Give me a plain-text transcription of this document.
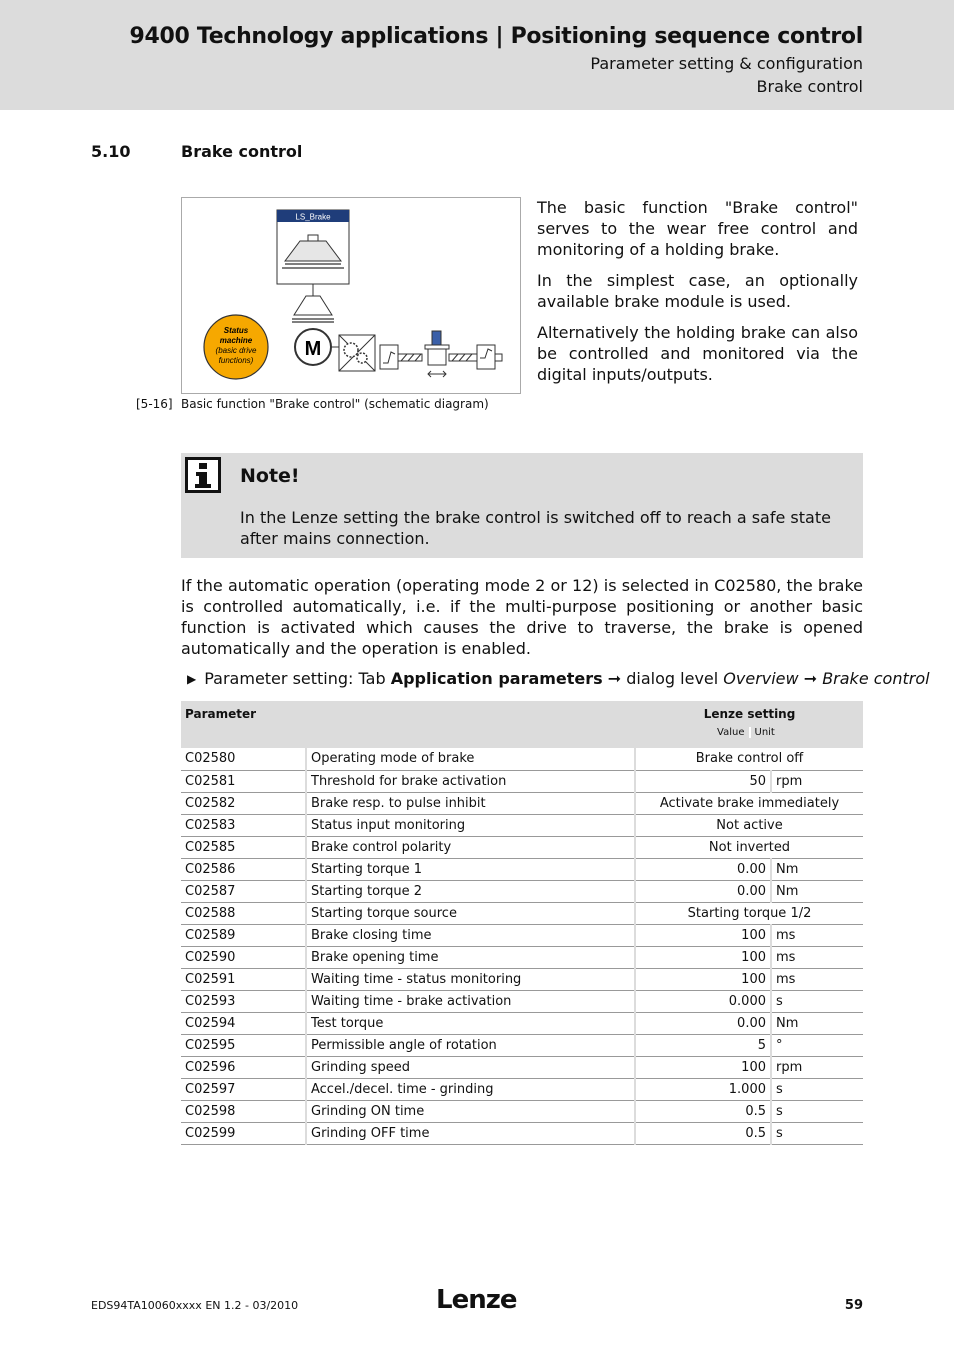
9400 Technology applications | Positioning sequence control
Parameter setting & configuration
Brake control
5.10	Brake control
LS_Brake
Status
machine
(basic drive
functions)
M
[5-16] Basic function "Brake control" (schematic diagram)

The basic function "Brake control" serves to the wear free control and monitoring of a holding brake.

In the simplest case, an optionally available brake module is used.

Alternatively the holding brake can also be controlled and monitored via the digital inputs/outputs.

Note!
In the Lenze setting the brake control is switched off to reach a safe state after mains connection.
If the automatic operation (operating mode 2 or 12) is selected in C02580, the brake is controlled automatically, i.e. if the multi-purpose positioning or another basic function is activated which causes the drive to traverse, the brake is opened automatically and the operation is enabled.
▶ Parameter setting: Tab Application parameters ➞ dialog level Overview ➞ Brake control
Parameter		Lenze setting
Value Unit	

C02580	Operating mode of brake	Brake control off	
C02581	Threshold for brake activation	50	rpm
C02582	Brake resp. to pulse inhibit	Activate brake immediately	
C02583	Status input monitoring	Not active	
C02585	Brake control polarity	Not inverted	
C02586	Starting torque 1	0.00	Nm
C02587	Starting torque 2	0.00	Nm
C02588	Starting torque source	Starting torque 1/2	
C02589	Brake closing time	100	ms
C02590	Brake opening time	100	ms
C02591	Waiting time - status monitoring	100	ms
C02593	Waiting time - brake activation	0.000	s
C02594	Test torque	0.00	Nm
C02595	Permissible angle of rotation	5	°
C02596	Grinding speed	100	rpm
C02597	Accel./decel. time - grinding	1.000	s
C02598	Grinding ON time	0.5	s
C02599	Grinding OFF time	0.5	s
EDS94TA10060xxxx EN 1.2 - 03/2010	Lenze	59
